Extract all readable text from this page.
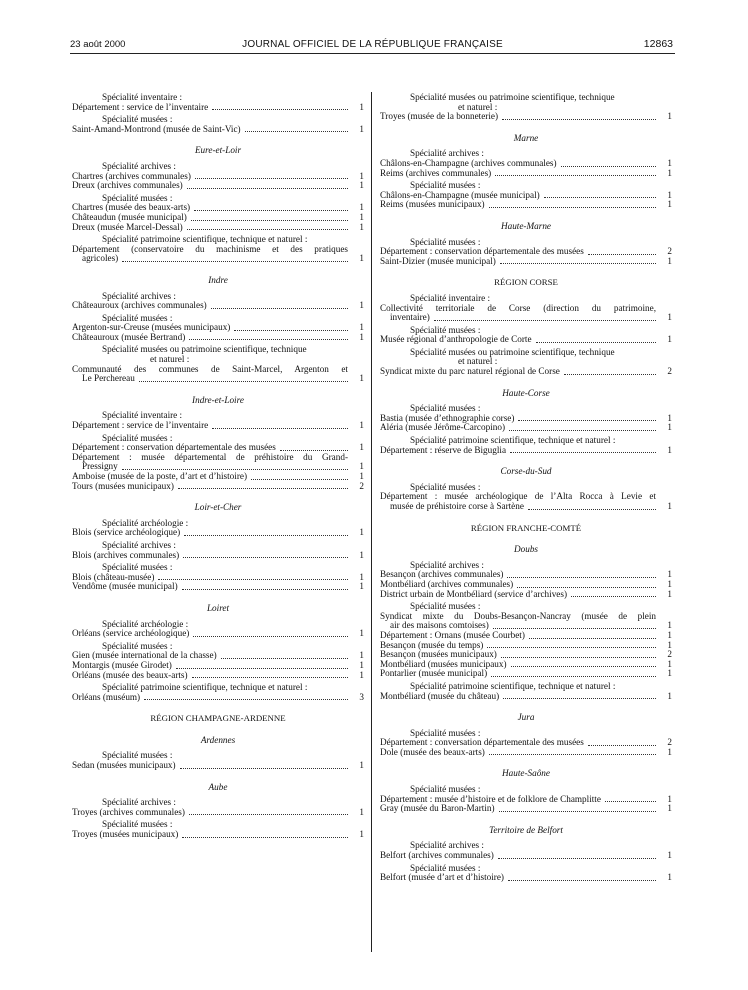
23 août 2000	JOURNAL OFFICIEL DE LA RÉPUBLIQUE FRANÇAISE	12863
Spécialité inventaire :
Département : service de l’inventaire	1
Spécialité musées :
Saint-Amand-Montrond (musée de Saint-Vic)	1
Eure-et-Loir
Spécialité archives :
Chartres (archives communales)	1
Dreux (archives communales)	1
Spécialité musées :
Chartres (musée des beaux-arts)	1
Châteaudun (musée municipal)	1
Dreux (musée Marcel-Dessal)	1
Spécialité patrimoine scientifique, technique et naturel :
Département (conservatoire du machinisme et des pratiques
agricoles)	1
Indre
Spécialité archives :
Châteauroux (archives communales)	1
Spécialité musées :
Argenton-sur-Creuse (musées municipaux)	1
Châteauroux (musée Bertrand)	1
Spécialité musées ou patrimoine scientifique, technique
et naturel :
Communauté des communes de Saint-Marcel, Argenton et
Le Perchereau	1
Indre-et-Loire
Spécialité inventaire :
Département : service de l’inventaire	1
Spécialité musées :
Département : conservation départementale des musées	1
Département : musée départemental de préhistoire du Grand-
Pressigny	1
Amboise (musée de la poste, d’art et d’histoire)	1
Tours (musées municipaux)	2
Loir-et-Cher
Spécialité archéologie :
Blois (service archéologique)	1
Spécialité archives :
Blois (archives communales)	1
Spécialité musées :
Blois (château-musée)	1
Vendôme (musée municipal)	1
Loiret
Spécialité archéologie :
Orléans (service archéologique)	1
Spécialité musées :
Gien (musée international de la chasse)	1
Montargis (musée Girodet)	1
Orléans (musée des beaux-arts)	1
Spécialité patrimoine scientifique, technique et naturel :
Orléans (muséum)	3
RÉGION CHAMPAGNE-ARDENNE
Ardennes
Spécialité musées :
Sedan (musées municipaux)	1
Aube
Spécialité archives :
Troyes (archives communales)	1
Spécialité musées :
Troyes (musées municipaux)	1
Spécialité musées ou patrimoine scientifique, technique
et naturel :
Troyes (musée de la bonneterie)	1
Marne
Spécialité archives :
Châlons-en-Champagne (archives communales)	1
Reims (archives communales)	1
Spécialité musées :
Châlons-en-Champagne (musée municipal)	1
Reims (musées municipaux)	1
Haute-Marne
Spécialité musées :
Département : conservation départementale des musées	2
Saint-Dizier (musée municipal)	1
RÉGION CORSE
Spécialité inventaire :
Collectivité territoriale de Corse (direction du patrimoine,
inventaire)	1
Spécialité musées :
Musée régional d’anthropologie de Corte	1
Spécialité musées ou patrimoine scientifique, technique
et naturel :
Syndicat mixte du parc naturel régional de Corse	2
Haute-Corse
Spécialité musées :
Bastia (musée d’ethnographie corse)	1
Aléria (musée Jérôme-Carcopino)	1
Spécialité patrimoine scientifique, technique et naturel :
Département : réserve de Biguglia	1
Corse-du-Sud
Spécialité musées :
Département : musée archéologique de l’Alta Rocca à Levie et
musée de préhistoire corse à Sartène	1
RÉGION FRANCHE-COMTÉ
Doubs
Spécialité archives :
Besançon (archives communales)	1
Montbéliard (archives communales)	1
District urbain de Montbéliard (service d’archives)	1
Spécialité musées :
Syndicat mixte du Doubs-Besançon-Nancray (musée de plein
air des maisons comtoises)	1
Département : Ornans (musée Courbet)	1
Besançon (musée du temps)	1
Besançon (musées municipaux)	2
Montbéliard (musées municipaux)	1
Pontarlier (musée municipal)	1
Spécialité patrimoine scientifique, technique et naturel :
Montbéliard (musée du château)	1
Jura
Spécialité musées :
Département : conversation départementale des musées	2
Dole (musée des beaux-arts)	1
Haute-Saône
Spécialité musées :
Département : musée d’histoire et de folklore de Champlitte	1
Gray (musée du Baron-Martin)	1
Territoire de Belfort
Spécialité archives :
Belfort (archives communales)	1
Spécialité musées :
Belfort (musée d’art et d’histoire)	1
